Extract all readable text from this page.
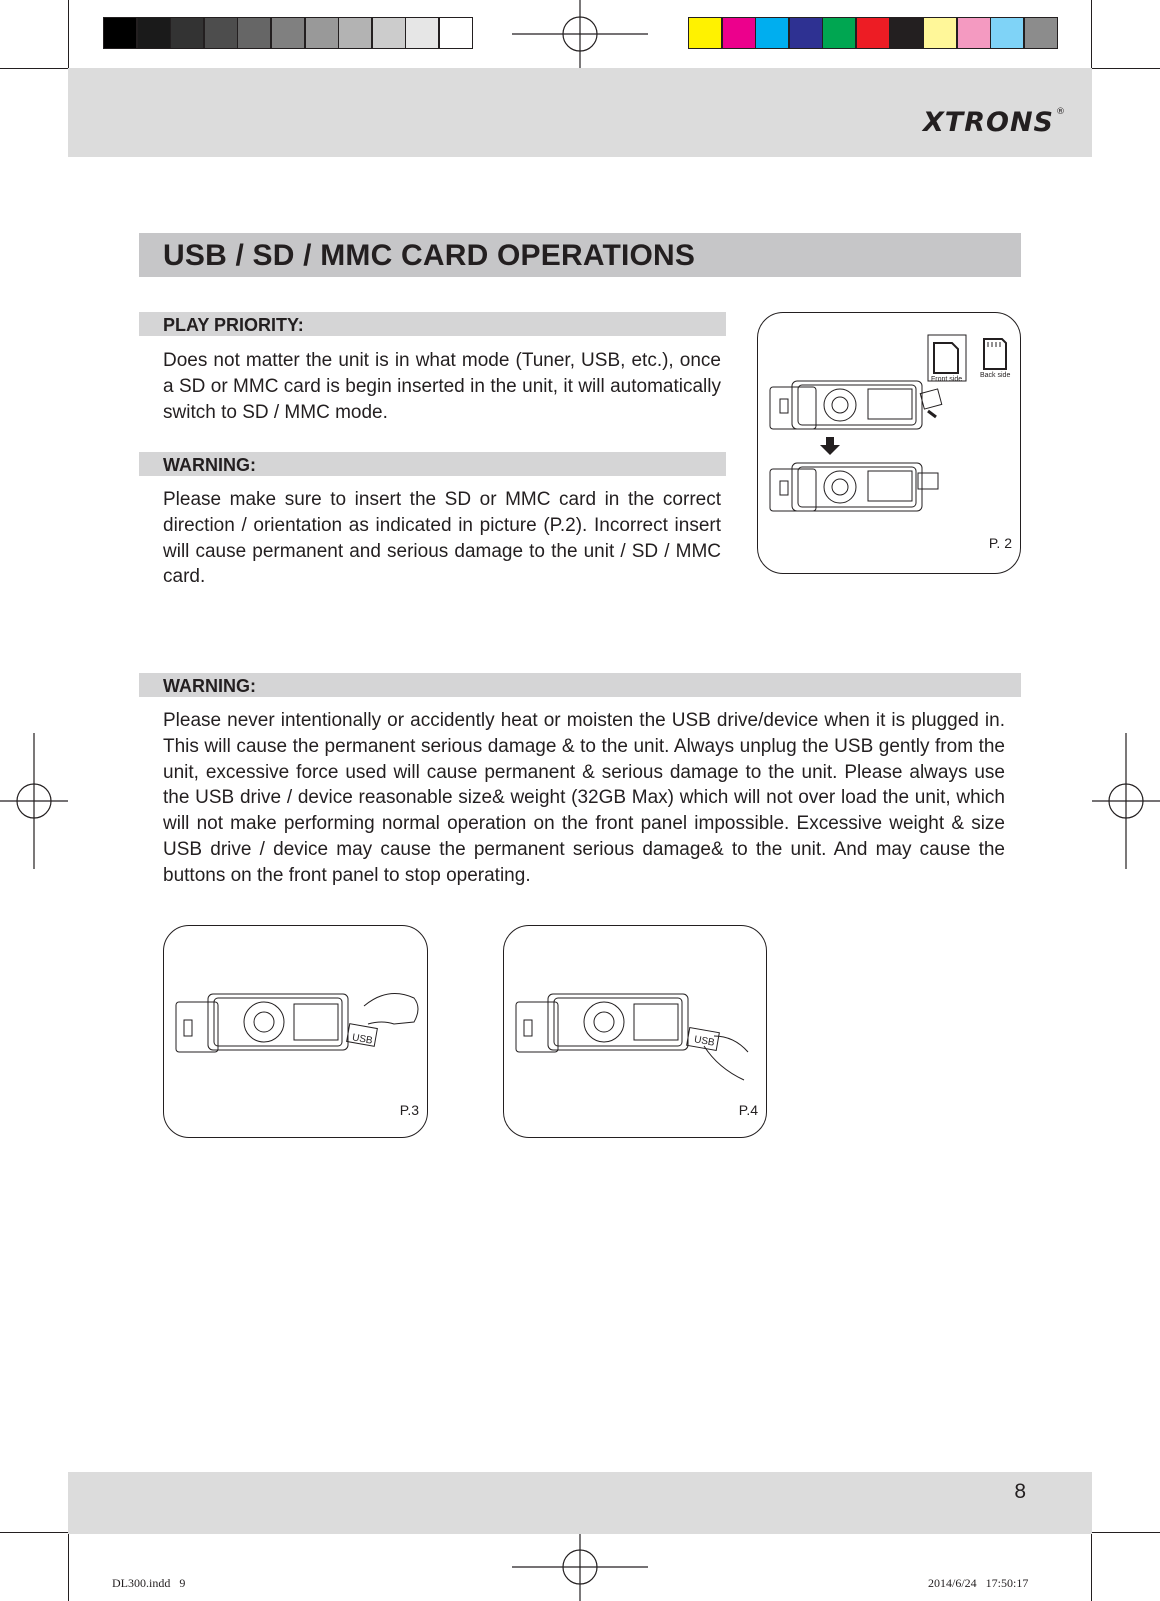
XTRONS ®
USB / SD / MMC CARD OPERATIONS
PLAY PRIORITY:

Does not matter the unit is in what mode (Tuner, USB, etc.), once a SD or MMC card is begin inserted in the unit, it will automatically switch to SD / MMC mode.

WARNING:

Please make sure to insert the SD or MMC card in the correct direction / orientation as indicated in picture (P.2). Incorrect insert will cause permanent and serious damage to the unit / SD / MMC card.

Front side
Back side
P. 2
WARNING:

Please never intentionally or accidently heat or moisten the USB drive/device when it is plugged in. This will cause the permanent serious damage & to the unit. Always unplug the USB gently from the unit, excessive force used will cause permanent & serious damage to the unit. Please always use the USB drive / device reasonable size& weight (32GB Max) which will not over load the unit, which will not make performing normal operation on the front panel impossible. Excessive weight & size USB drive / device may cause the permanent serious damage& to the unit. And may cause the buttons on the front panel to stop operating.

USB
P.3
USB
P.4
8
DL300.indd   9	2014/6/24   17:50:17
